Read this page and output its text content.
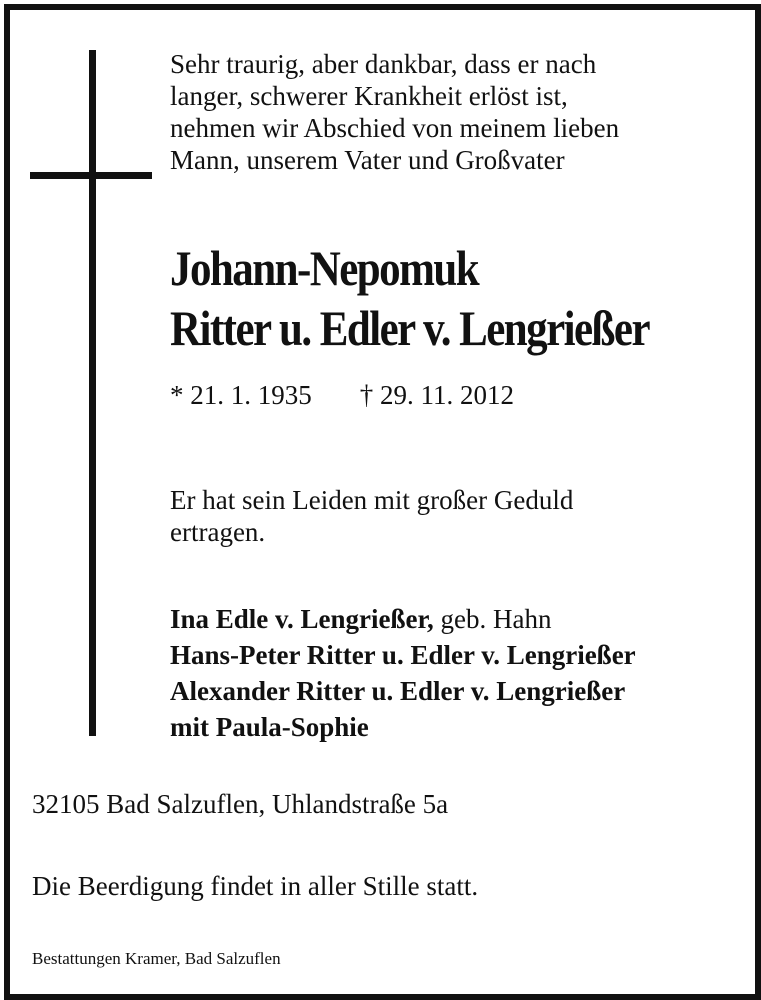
Sehr traurig, aber dankbar, dass er nach
langer, schwerer Krankheit erlöst ist,
nehmen wir Abschied von meinem lieben
Mann, unserem Vater und Großvater
Johann-Nepomuk
Ritter u. Edler v. Lengrießer
* 21. 1. 1935 † 29. 11. 2012
Er hat sein Leiden mit großer Geduld
ertragen.
Ina Edle v. Lengrießer, geb. Hahn
Hans-Peter Ritter u. Edler v. Lengrießer
Alexander Ritter u. Edler v. Lengrießer
mit Paula-Sophie
32105 Bad Salzuflen, Uhlandstraße 5a
Die Beerdigung findet in aller Stille statt.
Bestattungen Kramer, Bad Salzuflen
